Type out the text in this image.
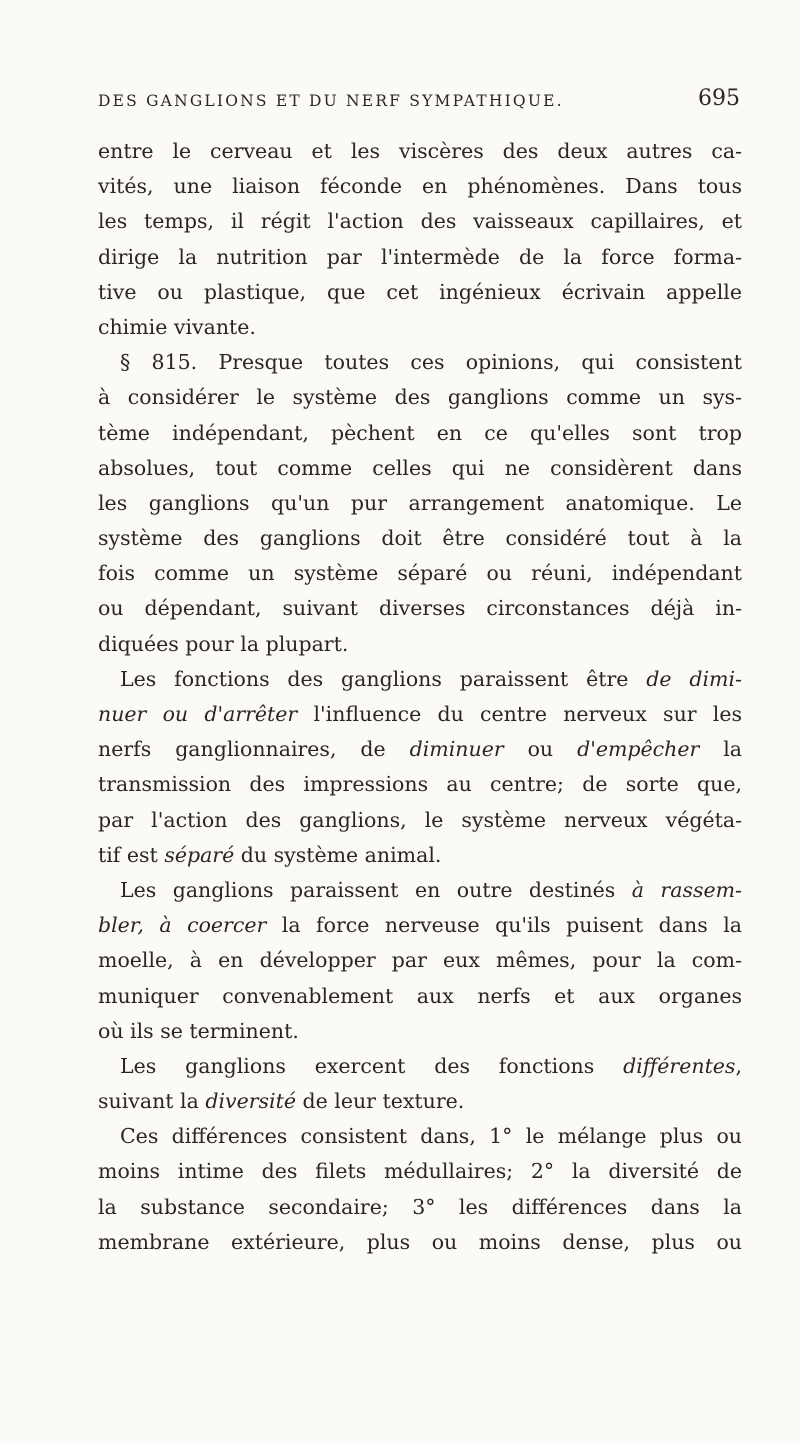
DES GANGLIONS ET DU NERF SYMPATHIQUE.	695
entre le cerveau et les viscères des deux autres ca-
vités, une liaison féconde en phénomènes. Dans tous
les temps, il régit l'action des vaisseaux capillaires, et
dirige la nutrition par l'intermède de la force forma-
tive ou plastique, que cet ingénieux écrivain appelle
chimie vivante.
§ 815. Presque toutes ces opinions, qui consistent
à considérer le système des ganglions comme un sys-
tème indépendant, pèchent en ce qu'elles sont trop
absolues, tout comme celles qui ne considèrent dans
les ganglions qu'un pur arrangement anatomique. Le
système des ganglions doit être considéré tout à la
fois comme un système séparé ou réuni, indépendant
ou dépendant, suivant diverses circonstances déjà in-
diquées pour la plupart.
Les fonctions des ganglions paraissent être de dimi-
nuer ou d'arrêter l'influence du centre nerveux sur les
nerfs ganglionnaires, de diminuer ou d'empêcher la
transmission des impressions au centre; de sorte que,
par l'action des ganglions, le système nerveux végéta-
tif est séparé du système animal.
Les ganglions paraissent en outre destinés à rassem-
bler, à coercer la force nerveuse qu'ils puisent dans la
moelle, à en développer par eux mêmes, pour la com-
muniquer convenablement aux nerfs et aux organes
où ils se terminent.
Les ganglions exercent des fonctions différentes,
suivant la diversité de leur texture.
Ces différences consistent dans, 1° le mélange plus ou
moins intime des filets médullaires; 2° la diversité de
la substance secondaire; 3° les différences dans la
membrane extérieure, plus ou moins dense, plus ou
